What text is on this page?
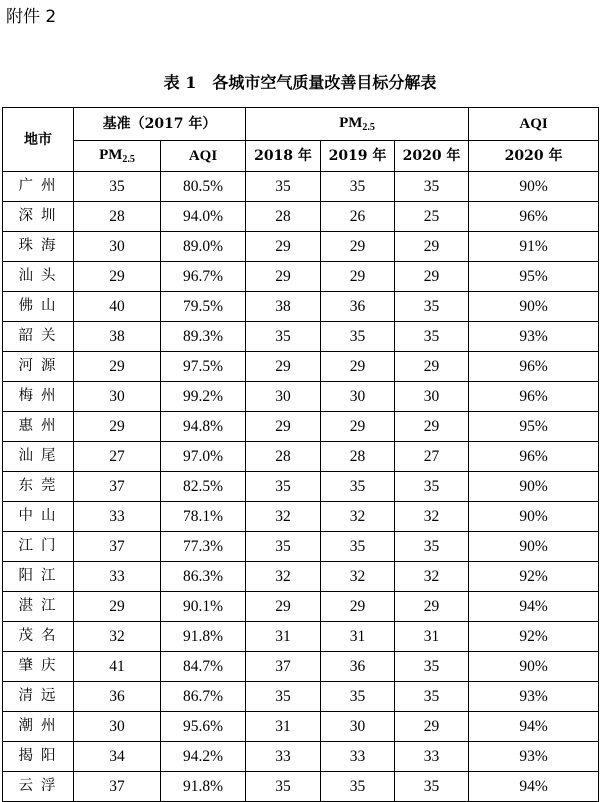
附件 2
表 1　各城市空气质量改善目标分解表
地市	基准（2017 年）		$PM_{2.5}$			AQI
	$PM_{2.5}$	AQI	2018 年	2019 年	2020 年	2020 年
广州	35	80.5%	35	35	35	90%
深圳	28	94.0%	28	26	25	96%
珠海	30	89.0%	29	29	29	91%
汕头	29	96.7%	29	29	29	95%
佛山	40	79.5%	38	36	35	90%
韶关	38	89.3%	35	35	35	93%
河源	29	97.5%	29	29	29	96%
梅州	30	99.2%	30	30	30	96%
惠州	29	94.8%	29	29	29	95%
汕尾	27	97.0%	28	28	27	96%
东莞	37	82.5%	35	35	35	90%
中山	33	78.1%	32	32	32	90%
江门	37	77.3%	35	35	35	90%
阳江	33	86.3%	32	32	32	92%
湛江	29	90.1%	29	29	29	94%
茂名	32	91.8%	31	31	31	92%
肇庆	41	84.7%	37	36	35	90%
清远	36	86.7%	35	35	35	93%
潮州	30	95.6%	31	30	29	94%
揭阳	34	94.2%	33	33	33	93%
云浮	37	91.8%	35	35	35	94%
